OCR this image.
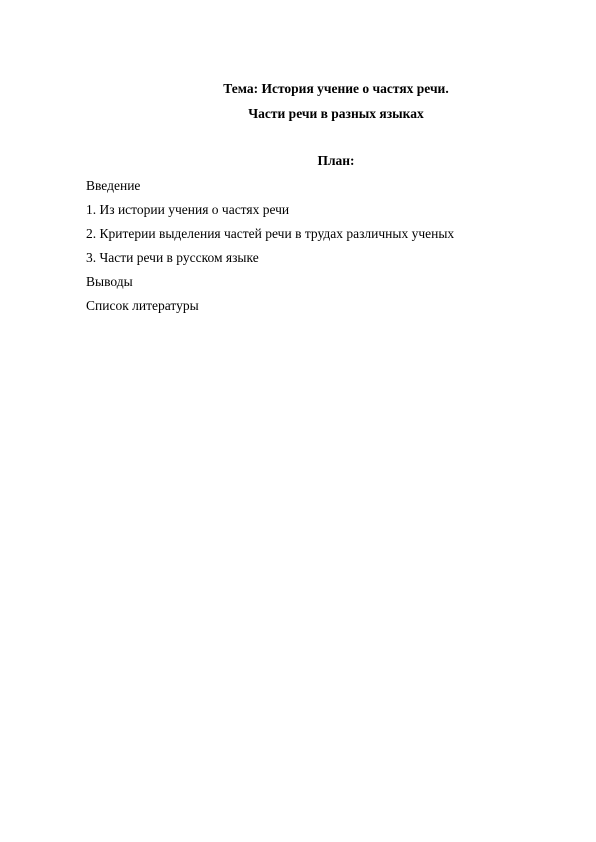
Тема: История учение о частях речи.
Части речи в разных языках
План:
Введение
1. Из истории учения о частях речи
2. Критерии выделения частей речи в трудах различных ученых
3. Части речи в русском языке
Выводы
Список литературы
